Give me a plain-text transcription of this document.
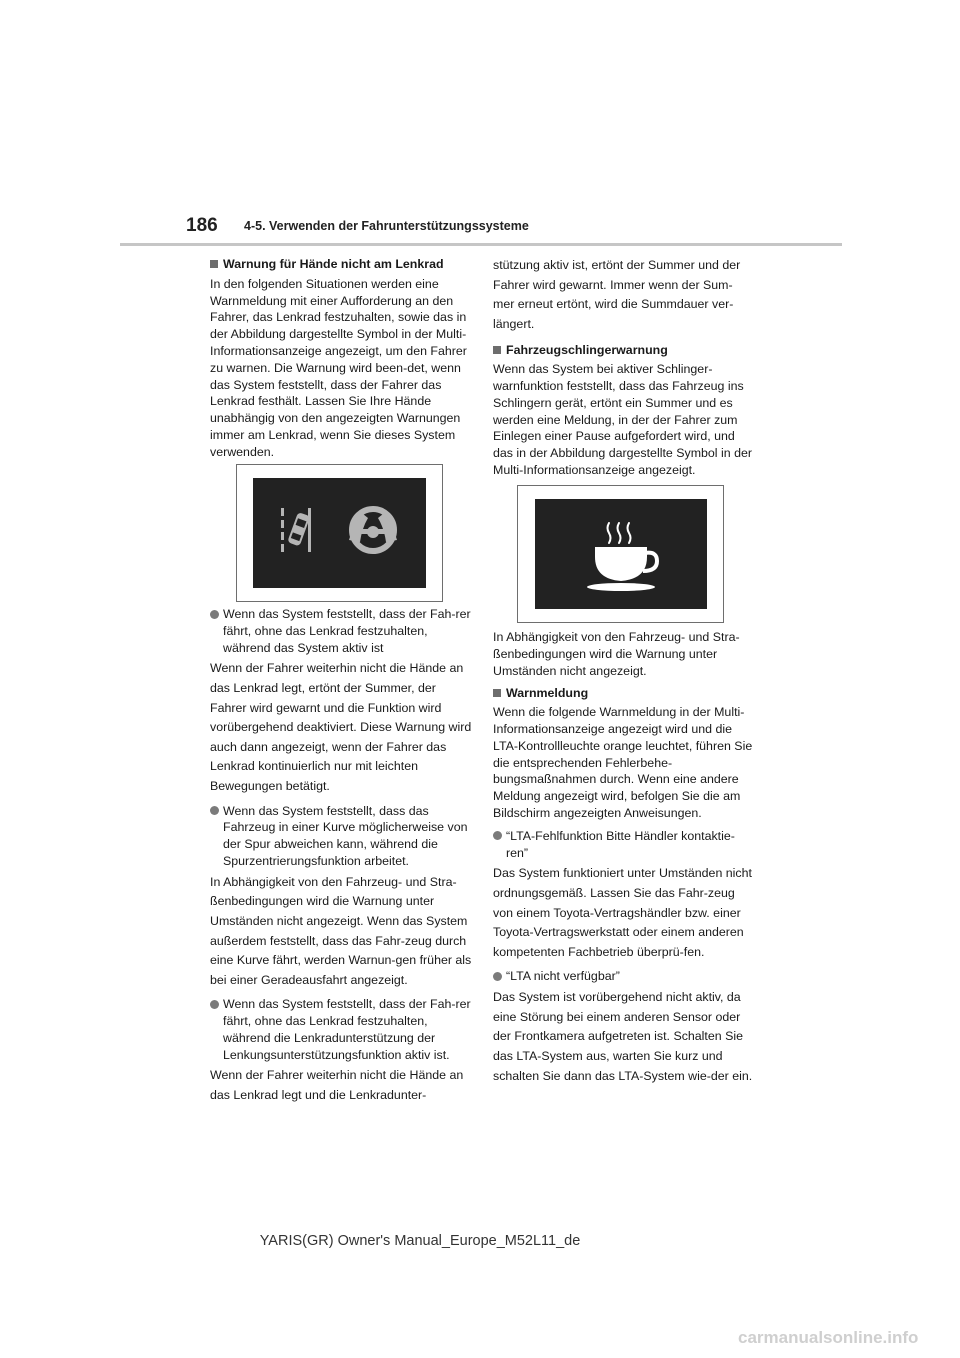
186 4-5. Verwenden der Fahrunterstützungssysteme

Warnung für Hände nicht am Lenkrad

In den folgenden Situationen werden eine Warnmeldung mit einer Aufforderung an den Fahrer, das Lenkrad festzuhalten, sowie das in der Abbildung dargestellte Symbol in der Multi-Informationsanzeige angezeigt, um den Fahrer zu warnen. Die Warnung wird been-det, wenn das System feststellt, dass der Fahrer das Lenkrad festhält. Lassen Sie Ihre Hände unabhängig von den angezeigten Warnungen immer am Lenkrad, wenn Sie dieses System verwenden.

Wenn das System feststellt, dass der Fah-rer fährt, ohne das Lenkrad festzuhalten, während das System aktiv ist

Wenn der Fahrer weiterhin nicht die Hände an das Lenkrad legt, ertönt der Summer, der Fahrer wird gewarnt und die Funktion wird vorübergehend deaktiviert. Diese Warnung wird auch dann angezeigt, wenn der Fahrer das Lenkrad kontinuierlich nur mit leichten Bewegungen betätigt.

Wenn das System feststellt, dass das Fahrzeug in einer Kurve möglicherweise von der Spur abweichen kann, während die Spurzentrierungsfunktion arbeitet.

In Abhängigkeit von den Fahrzeug- und Stra-ßenbedingungen wird die Warnung unter Umständen nicht angezeigt. Wenn das System außerdem feststellt, dass das Fahr-zeug durch eine Kurve fährt, werden Warnun-gen früher als bei einer Geradeausfahrt angezeigt.

Wenn das System feststellt, dass der Fah-rer fährt, ohne das Lenkrad festzuhalten, während die Lenkradunterstützung der Lenkungsunterstützungsfunktion aktiv ist.

Wenn der Fahrer weiterhin nicht die Hände an das Lenkrad legt und die Lenkradunter-

stützung aktiv ist, ertönt der Summer und der Fahrer wird gewarnt. Immer wenn der Sum-mer erneut ertönt, wird die Summdauer ver-längert.

Fahrzeugschlingerwarnung

Wenn das System bei aktiver Schlinger-warnfunktion feststellt, dass das Fahrzeug ins Schlingern gerät, ertönt ein Summer und es werden eine Meldung, in der der Fahrer zum Einlegen einer Pause aufgefordert wird, und das in der Abbildung dargestellte Symbol in der Multi-Informationsanzeige angezeigt.

In Abhängigkeit von den Fahrzeug- und Stra-ßenbedingungen wird die Warnung unter Umständen nicht angezeigt.

Warnmeldung

Wenn die folgende Warnmeldung in der Multi-Informationsanzeige angezeigt wird und die LTA-Kontrollleuchte orange leuchtet, führen Sie die entsprechenden Fehlerbehe-bungsmaßnahmen durch. Wenn eine andere Meldung angezeigt wird, befolgen Sie die am Bildschirm angezeigten Anweisungen.

“LTA-Fehlfunktion Bitte Händler kontaktie-ren”

Das System funktioniert unter Umständen nicht ordnungsgemäß. Lassen Sie das Fahr-zeug von einem Toyota-Vertragshändler bzw. einer Toyota-Vertragswerkstatt oder einem anderen kompetenten Fachbetrieb überprü-fen.

“LTA nicht verfügbar”

Das System ist vorübergehend nicht aktiv, da eine Störung bei einem anderen Sensor oder der Frontkamera aufgetreten ist. Schalten Sie das LTA-System aus, warten Sie kurz und schalten Sie dann das LTA-System wie-der ein.

YARIS(GR) Owner's Manual_Europe_M52L11_de
carmanualsonline.info
